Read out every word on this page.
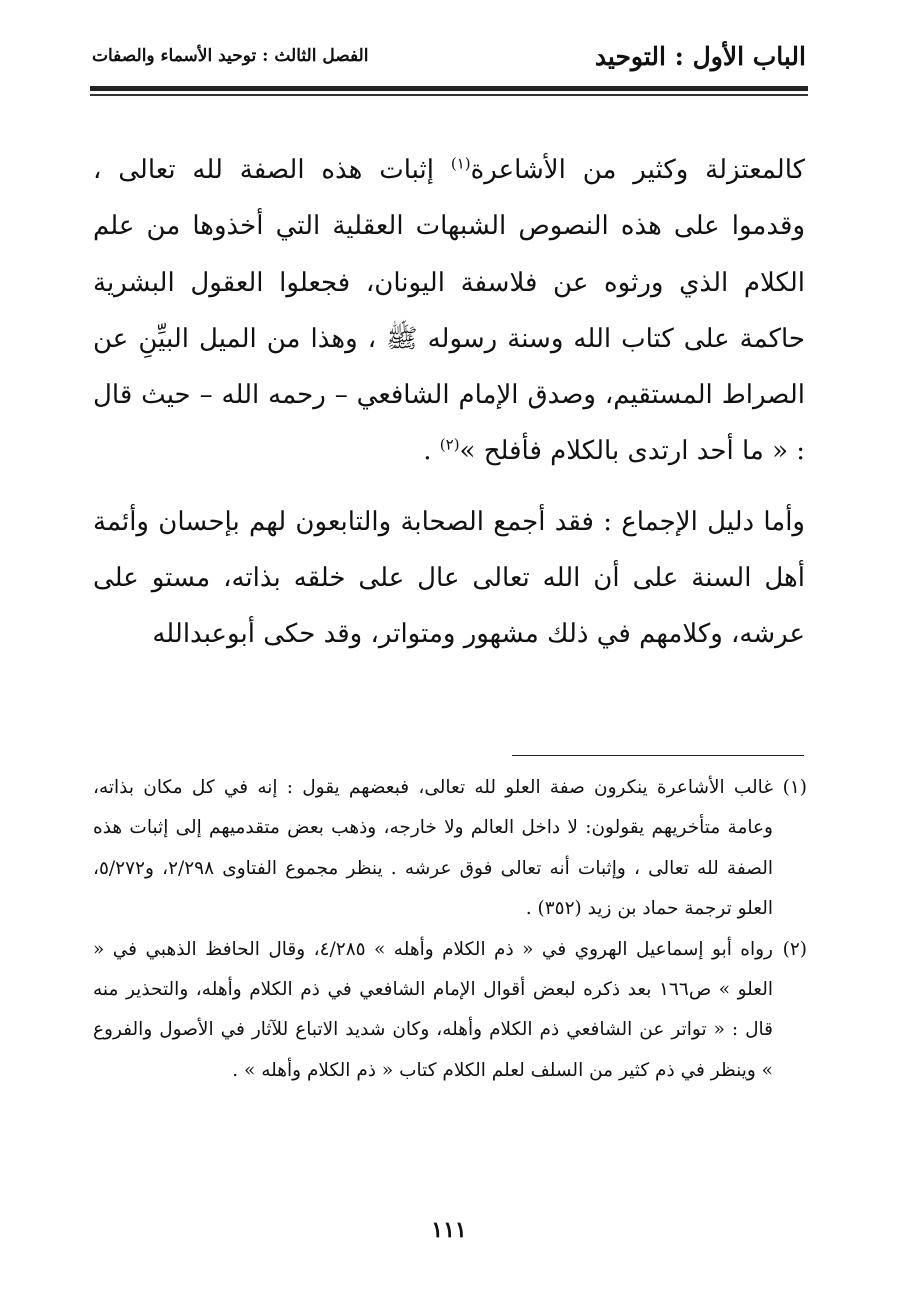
الباب الأول : التوحيد
الفصل الثالث : توحيد الأسماء والصفات

كالمعتزلة وكثير من الأشاعرة$^{(١)}$ إثبات هذه الصفة لله تعالى ، وقدموا على هذه النصوص الشبهات العقلية التي أخذوها من علم الكلام الذي ورثوه عن فلاسفة اليونان، فجعلوا العقول البشرية حاكمة على كتاب الله وسنة رسوله ﷺ ، وهذا من الميل البيِّنِ عن الصراط المستقيم، وصدق الإمام الشافعي – رحمه الله – حيث قال : « ما أحد ارتدى بالكلام فأفلح »$^{(٢)}$ .

وأما دليل الإجماع : فقد أجمع الصحابة والتابعون لهم بإحسان وأئمة أهل السنة على أن الله تعالى عال على خلقه بذاته، مستو على عرشه، وكلامهم في ذلك مشهور ومتواتر، وقد حكى أبوعبدالله

(١)
غالب الأشاعرة ينكرون صفة العلو لله تعالى، فبعضهم يقول : إنه في كل مكان بذاته، وعامة متأخريهم يقولون: لا داخل العالم ولا خارجه، وذهب بعض متقدميهم إلى إثبات هذه الصفة لله تعالى ، وإثبات أنه تعالى فوق عرشه . ينظر مجموع الفتاوى ٢/٢٩٨، و٥/٢٧٢، العلو ترجمة حماد بن زيد (٣٥٢) .

(٢)
رواه أبو إسماعيل الهروي في « ذم الكلام وأهله » ٤/٢٨٥، وقال الحافظ الذهبي في « العلو » ص١٦٦ بعد ذكره لبعض أقوال الإمام الشافعي في ذم الكلام وأهله، والتحذير منه قال : « تواتر عن الشافعي ذم الكلام وأهله، وكان شديد الاتباع للآثار في الأصول والفروع » وينظر في ذم كثير من السلف لعلم الكلام كتاب « ذم الكلام وأهله » .

١١١
